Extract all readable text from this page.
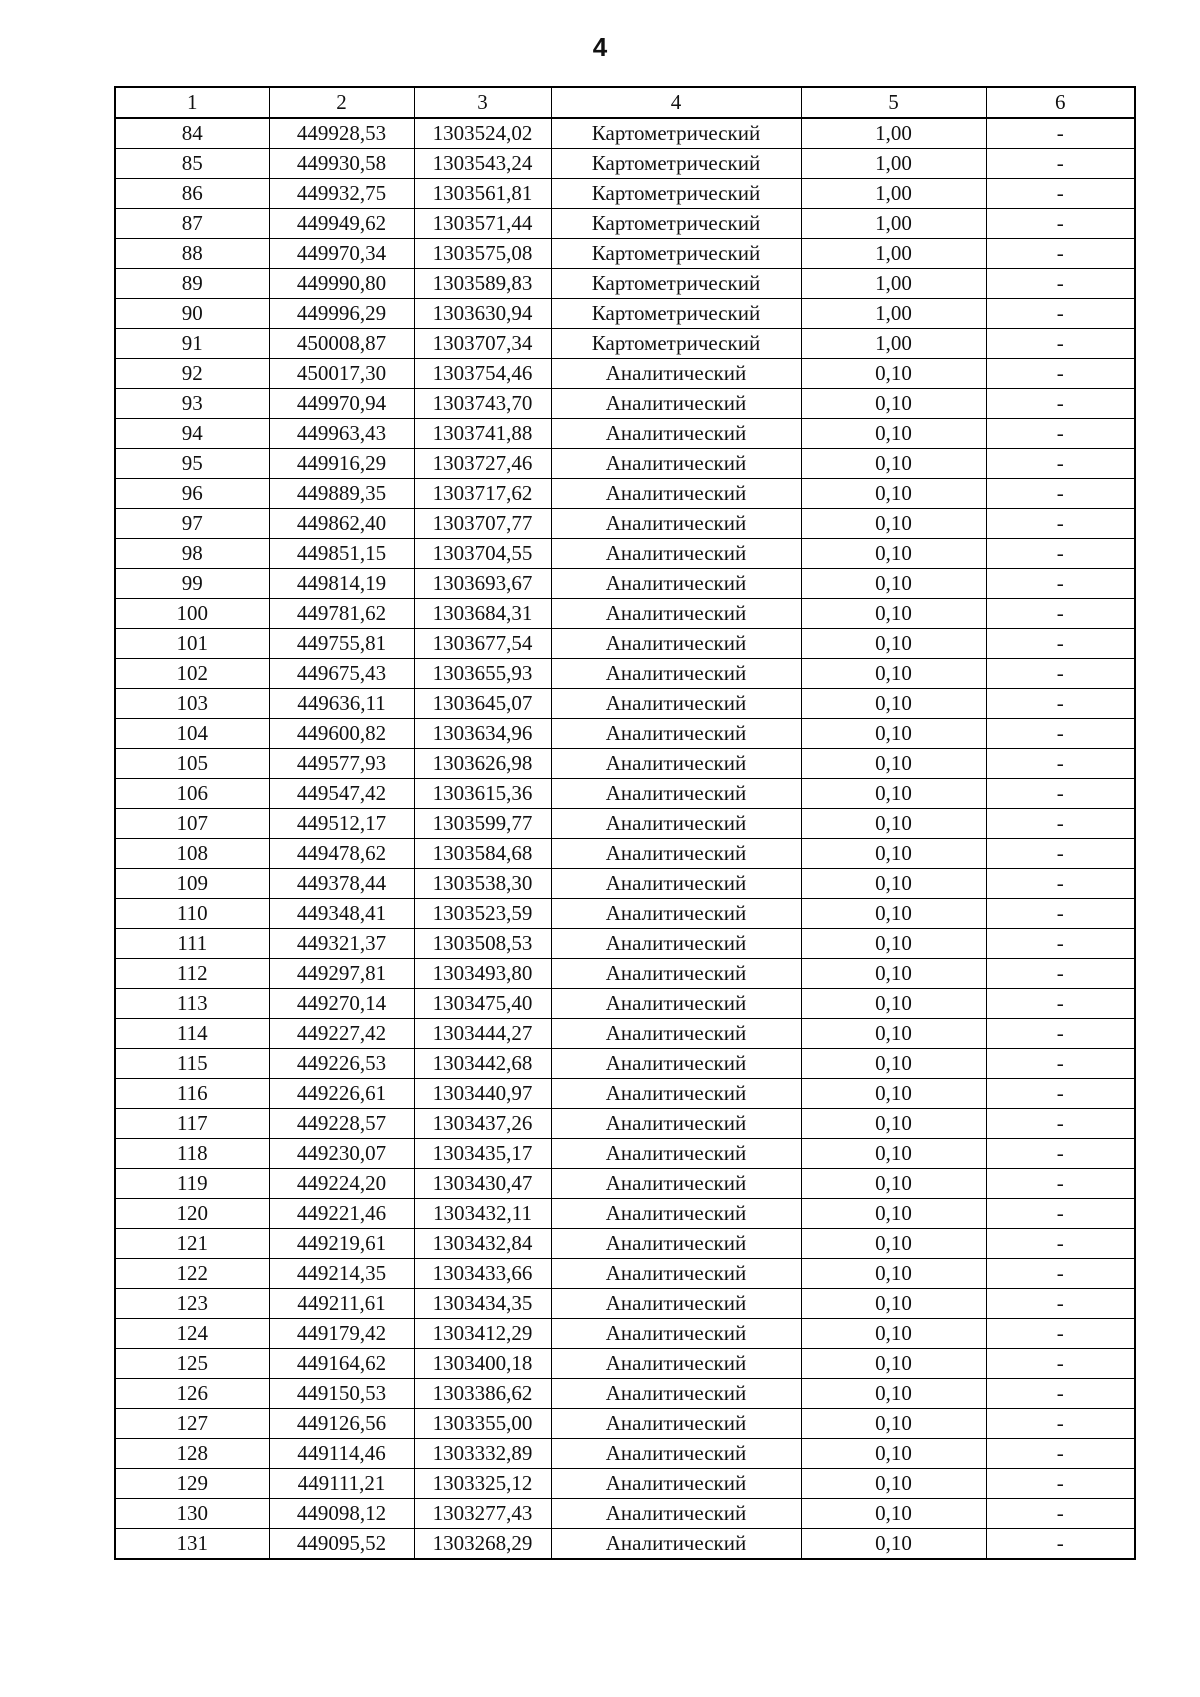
4
1	2	3	4	5	6
84	449928,53	1303524,02	Картометрический	1,00	-
85	449930,58	1303543,24	Картометрический	1,00	-
86	449932,75	1303561,81	Картометрический	1,00	-
87	449949,62	1303571,44	Картометрический	1,00	-
88	449970,34	1303575,08	Картометрический	1,00	-
89	449990,80	1303589,83	Картометрический	1,00	-
90	449996,29	1303630,94	Картометрический	1,00	-
91	450008,87	1303707,34	Картометрический	1,00	-
92	450017,30	1303754,46	Аналитический	0,10	-
93	449970,94	1303743,70	Аналитический	0,10	-
94	449963,43	1303741,88	Аналитический	0,10	-
95	449916,29	1303727,46	Аналитический	0,10	-
96	449889,35	1303717,62	Аналитический	0,10	-
97	449862,40	1303707,77	Аналитический	0,10	-
98	449851,15	1303704,55	Аналитический	0,10	-
99	449814,19	1303693,67	Аналитический	0,10	-
100	449781,62	1303684,31	Аналитический	0,10	-
101	449755,81	1303677,54	Аналитический	0,10	-
102	449675,43	1303655,93	Аналитический	0,10	-
103	449636,11	1303645,07	Аналитический	0,10	-
104	449600,82	1303634,96	Аналитический	0,10	-
105	449577,93	1303626,98	Аналитический	0,10	-
106	449547,42	1303615,36	Аналитический	0,10	-
107	449512,17	1303599,77	Аналитический	0,10	-
108	449478,62	1303584,68	Аналитический	0,10	-
109	449378,44	1303538,30	Аналитический	0,10	-
110	449348,41	1303523,59	Аналитический	0,10	-
111	449321,37	1303508,53	Аналитический	0,10	-
112	449297,81	1303493,80	Аналитический	0,10	-
113	449270,14	1303475,40	Аналитический	0,10	-
114	449227,42	1303444,27	Аналитический	0,10	-
115	449226,53	1303442,68	Аналитический	0,10	-
116	449226,61	1303440,97	Аналитический	0,10	-
117	449228,57	1303437,26	Аналитический	0,10	-
118	449230,07	1303435,17	Аналитический	0,10	-
119	449224,20	1303430,47	Аналитический	0,10	-
120	449221,46	1303432,11	Аналитический	0,10	-
121	449219,61	1303432,84	Аналитический	0,10	-
122	449214,35	1303433,66	Аналитический	0,10	-
123	449211,61	1303434,35	Аналитический	0,10	-
124	449179,42	1303412,29	Аналитический	0,10	-
125	449164,62	1303400,18	Аналитический	0,10	-
126	449150,53	1303386,62	Аналитический	0,10	-
127	449126,56	1303355,00	Аналитический	0,10	-
128	449114,46	1303332,89	Аналитический	0,10	-
129	449111,21	1303325,12	Аналитический	0,10	-
130	449098,12	1303277,43	Аналитический	0,10	-
131	449095,52	1303268,29	Аналитический	0,10	-
